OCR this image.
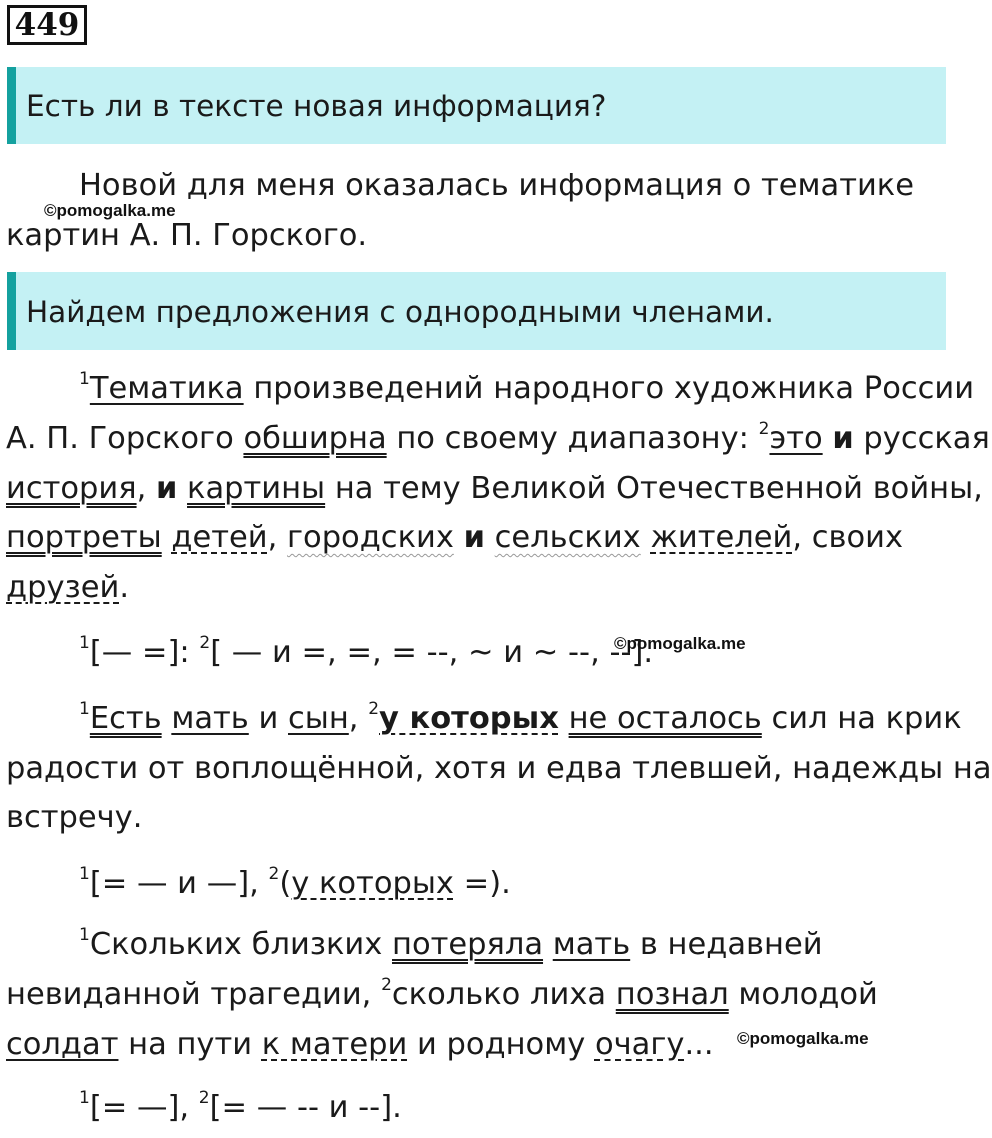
449
Есть ли в тексте новая информация?
Новой для меня оказалась информация о тематике
картин А. П. Горского.
Найдем предложения с однородными членами.
$^1$Тематика произведений народного художника России
А. П. Горского обширна по своему диапазону: $^2$это и русская
история, и картины на тему Великой Отечественной войны,
портреты детей, городских и сельских жителей, своих
друзей.
$^1$[— =]: $^2$[ — и =, =, = --, ~ и ~ --, --].
$^1$Есть мать и сын, $^2$у которых не осталось сил на крик
радости от воплощённой, хотя и едва тлевшей, надежды на
встречу.
$^1$[= — и —], $^2$(у которых =).
$^1$Скольких близких потеряла мать в недавней
невиданной трагедии, $^2$сколько лиха познал молодой
солдат на пути к матери и родному очагу...
$^1$[= —], $^2$[= — -- и --].
©pomogalka.me
©pomogalka.me
©pomogalka.me
